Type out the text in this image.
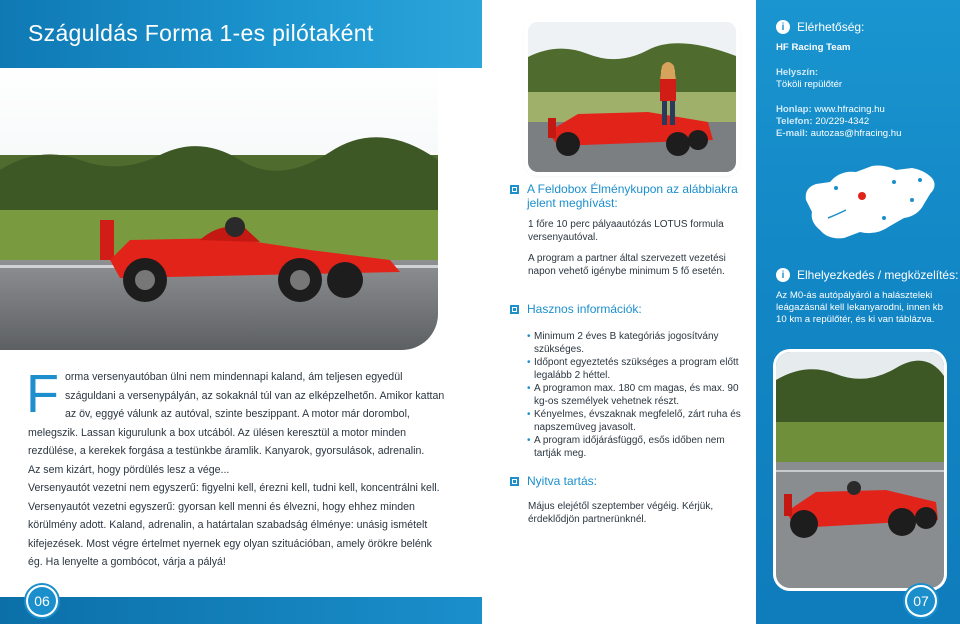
Száguldás Forma 1-es pilótaként
F orma versenyautóban ülni nem mindennapi kaland, ám teljesen egyedül száguldani a versenypályán, az sokaknál túl van az elképzelhetőn. Amikor kattan az öv, eggyé válunk az autóval, szinte beszippant. A motor már dorombol, melegszik. Lassan kigurulunk a box utcából. Az ülésen keresztül a motor minden rezdülése, a kerekek forgása a testünkbe áramlik. Kanyarok, gyorsulások, adrenalin.

Az sem kizárt, hogy pördülés lesz a vége...

Versenyautót vezetni nem egyszerű: figyelni kell, érezni kell, tudni kell, koncentrálni kell. Versenyautót vezetni egyszerű: gyorsan kell menni és élvezni, hogy ehhez minden körülmény adott. Kaland, adrenalin, a határtalan szabadság élménye: unásig ismételt kifejezések. Most végre értelmet nyernek egy olyan szituációban, amely örökre belénk ég. Ha lenyelte a gombócot, várja a pályá!

06
A Feldobox Élménykupon az alábbiakra jelent meghívást:

1 főre 10 perc pályaautózás LOTUS formula versenyautóval.

A program a partner által szervezett vezetési napon vehető igénybe minimum 5 fő esetén.

Hasznos információk:
• Minimum 2 éves B kategóriás jogosítvány szükséges.
• Időpont egyeztetés szükséges a program előtt legalább 2 héttel.
• A programon max. 180 cm magas, és max. 90 kg-os személyek vehetnek részt.
• Kényelmes, évszaknak megfelelő, zárt ruha és napszemüveg javasolt.
• A program időjárásfüggő, esős időben nem tartják meg.
Nyitva tartás:

Május elejétől szeptember végéig. Kérjük, érdeklődjön partnerünknél.

i	Elérhetőség:
HF Racing Team
Helyszín:
Tököli repülőtér
Honlap: www.hfracing.hu
Telefon: 20/229-4342
E-mail: autozas@hfracing.hu
i	Elhelyezkedés / megközelítés:
Az M0-ás autópályáról a halászteleki leágazásnál kell lekanyarodni, innen kb 10 km a repülőtér, és ki van táblázva.
07
